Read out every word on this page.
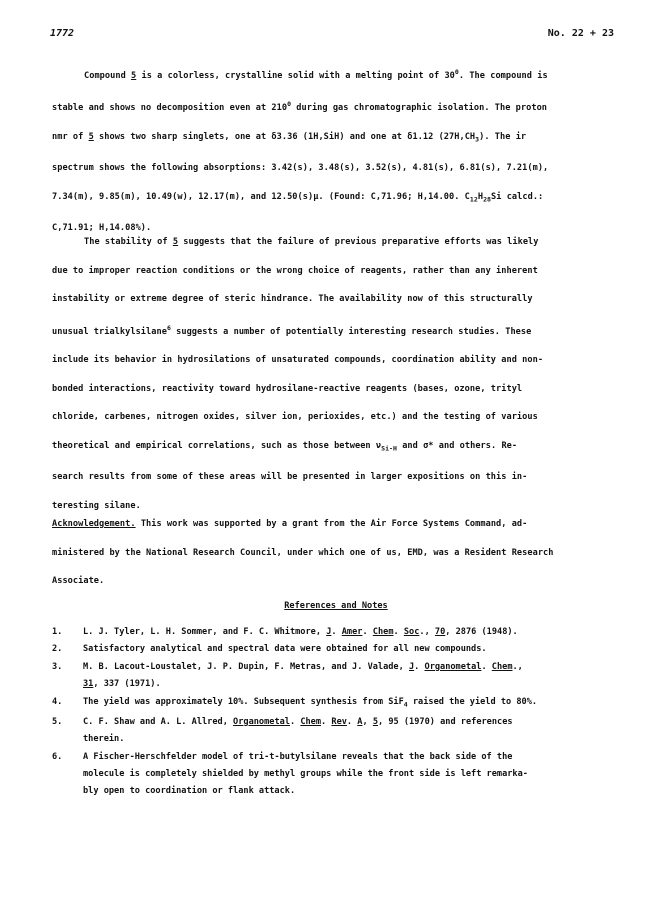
1772	No. 22 + 23
Compound 5 is a colorless, crystalline solid with a melting point of $30^0$. The compound is
stable and shows no decomposition even at $210^0$ during gas chromatographic isolation. The proton
nmr of 5 shows two sharp singlets, one at δ3.36 (1H,SiH) and one at δ1.12 $(27H,CH_3)$. The ir
spectrum shows the following absorptions: 3.42(s), 3.48(s), 3.52(s), 4.81(s), 6.81(s), 7.21(m),
7.34(m), 9.85(m), 10.49(w), 12.17(m), and 12.50(s)μ. (Found: C,71.96; H,14.00. $C_{12}H_{28}Si$ calcd.:
C,71.91; H,14.08%).
The stability of 5 suggests that the failure of previous preparative efforts was likely
due to improper reaction conditions or the wrong choice of reagents, rather than any inherent
instability or extreme degree of steric hindrance. The availability now of this structurally
unusual trialkylsilane$^6$ suggests a number of potentially interesting research studies. These
include its behavior in hydrosilations of unsaturated compounds, coordination ability and non-
bonded interactions, reactivity toward hydrosilane-reactive reagents (bases, ozone, trityl
chloride, carbenes, nitrogen oxides, silver ion, perioxides, etc.) and the testing of various
theoretical and empirical correlations, such as those between $\nu_{Si-H}$ and σ* and others. Re-
search results from some of these areas will be presented in larger expositions on this in-
teresting silane.
Acknowledgement. This work was supported by a grant from the Air Force Systems Command, ad-
ministered by the National Research Council, under which one of us, EMD, was a Resident Research
Associate.
References and Notes
1.	L. J. Tyler, L. H. Sommer, and F. C. Whitmore, J. Amer. Chem. Soc., 70, 2876 (1948).
2.	Satisfactory analytical and spectral data were obtained for all new compounds.
3.	M. B. Lacout-Loustalet, J. P. Dupin, F. Metras, and J. Valade, J. Organometal. Chem.,
31, 337 (1971).
4.	The yield was approximately 10%. Subsequent synthesis from SiF$_4$ raised the yield to 80%.
5.	C. F. Shaw and A. L. Allred, Organometal. Chem. Rev. A, 5, 95 (1970) and references
therein.
6.	A Fischer-Herschfelder model of tri-t-butylsilane reveals that the back side of the
molecule is completely shielded by methyl groups while the front side is left remarka-
bly open to coordination or flank attack.
